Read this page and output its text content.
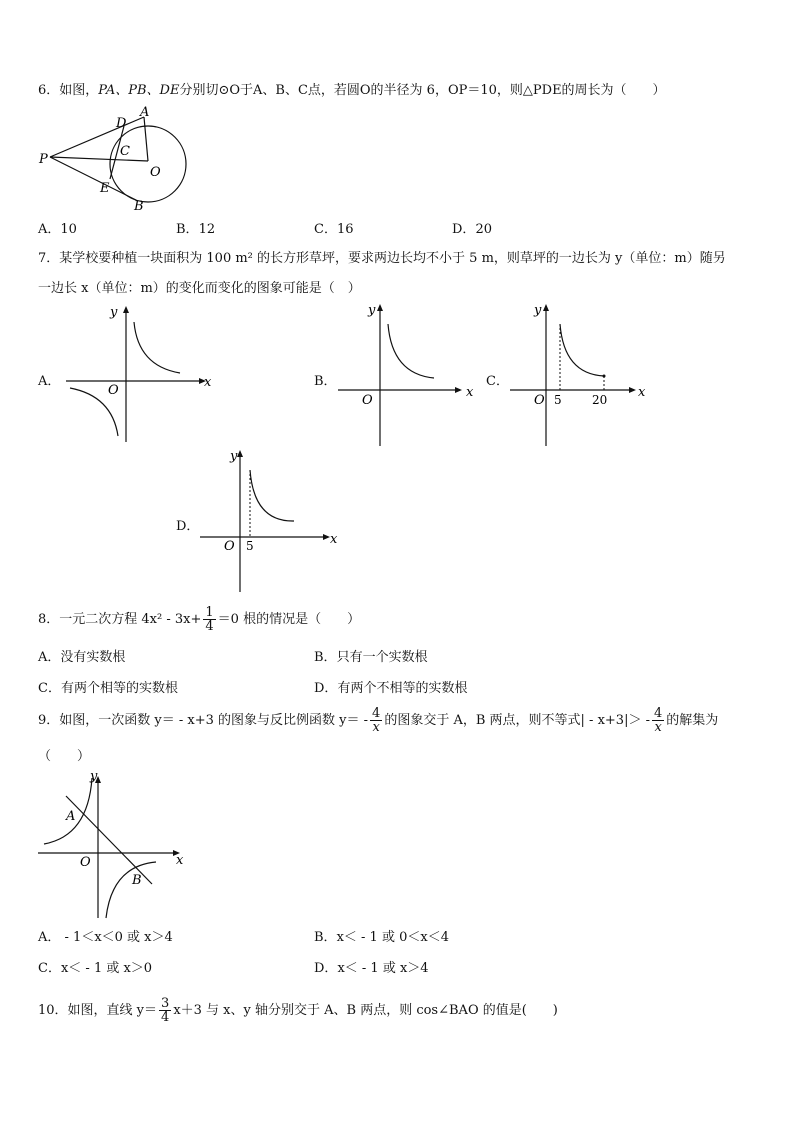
6．如图，PA、PB、DE分别切⊙O于A、B、C点，若圆O的半径为 6，OP＝10，则△PDE的周长为（　　）
P
D
A
C
O
E
B
A．10	B．12	C．16	D．20
7．某学校要种植一块面积为 100 m² 的长方形草坪，要求两边长均不小于 5 m，则草坪的一边长为 y（单位：m）随另
一边长 x（单位：m）的变化而变化的图象可能是（　）
A．
y
x
O
B．
y
x
O
C．
y
x
O 5	20
D．
y
x
O 5
8．一元二次方程 $4x^2 - 3x+ \frac{1}{4} =0$ 根的情况是（　　）
A．没有实数根	B．只有一个实数根
C．有两个相等的实数根	D．有两个不相等的实数根
9．如图，一次函数 y＝ - x+3 的图象与反比例函数 $y= - \frac{4}{x}$ 的图象交于 A，B 两点，则不等式| - $x+3|> - \frac{4}{x}$ 的解集为
（　　）
y
x
O
A
B
A． - 1＜x＜0 或 x＞4	B．x＜ - 1 或 0＜x＜4
C．x＜ - 1 或 x＞0	D．x＜ - 1 或 x＞4
10．如图，直线 $y= \frac{3}{4} x+3$ 与 x、y 轴分别交于 A、B 两点，则 cos∠BAO 的值是(　　)
